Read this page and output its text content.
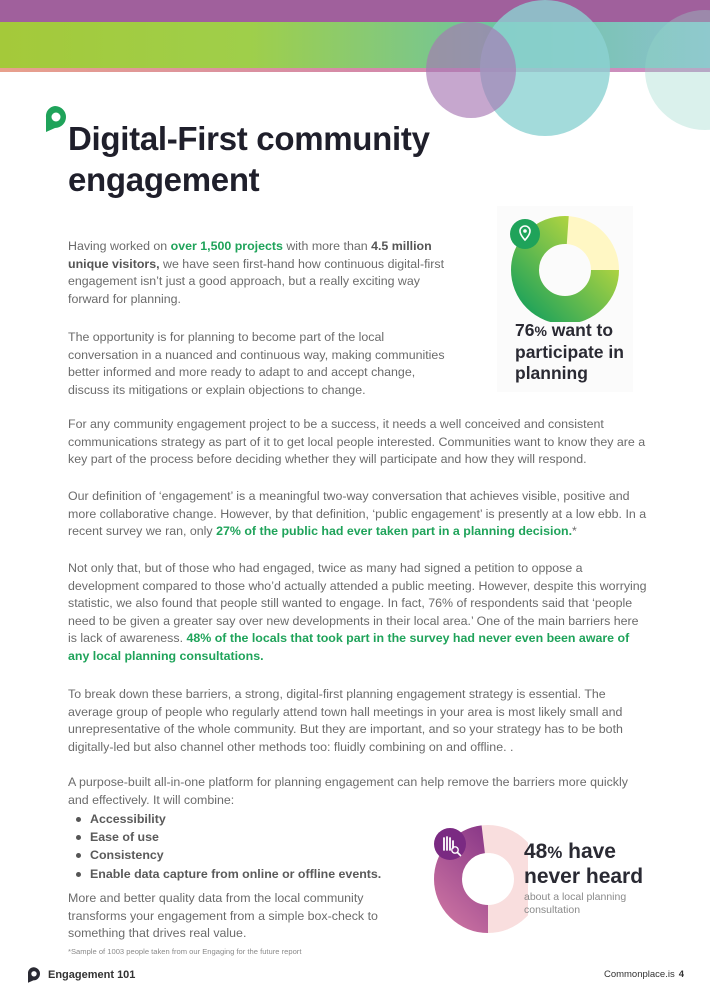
Digital-First community engagement

Having worked on over 1,500 projects with more than 4.5 million unique visitors, we have seen first-hand how continuous digital-first engagement isn’t just a good approach, but a really exciting way forward for planning.

The opportunity is for planning to become part of the local conversation in a nuanced and continuous way, making communities better informed and more ready to adapt to and accept change, discuss its mitigations or explain objections to change.

For any community engagement project to be a success, it needs a well conceived and consistent communications strategy as part of it to get local people interested. Communities want to know they are a key part of the process before deciding whether they will participate and how they will respond.

Our definition of ‘engagement’ is a meaningful two-way conversation that achieves visible, positive and more collaborative change. However, by that definition, ‘public engagement’ is presently at a low ebb. In a recent survey we ran, only 27% of the public had ever taken part in a planning decision.*

Not only that, but of those who had engaged, twice as many had signed a petition to oppose a development compared to those who’d actually attended a public meeting. However, despite this worrying statistic, we also found that people still wanted to engage. In fact, 76% of respondents said that ‘people need to be given a greater say over new developments in their local area.’ One of the main barriers here is lack of awareness. 48% of the locals that took part in the survey had never even been aware of any local planning consultations.

To break down these barriers, a strong, digital-first planning engagement strategy is essential. The average group of people who regularly attend town hall meetings in your area is most likely small and unrepresentative of the whole community. But they are important, and so your strategy has to be both digitally-led but also channel other methods too: fluidly combining on and offline. .

A purpose-built all-in-one platform for planning engagement can help remove the barriers more quickly and effectively. It will combine:

Accessibility
Ease of use
Consistency
Enable data capture from online or offline events.

More and better quality data from the local community transforms your engagement from a simple box-check to something that drives real value.

76% want to participate in planning
48% have
never heard
about a local planning consultation
*Sample of 1003 people taken from our Engaging for the future report
Engagement 101	Commonplace.is 4
